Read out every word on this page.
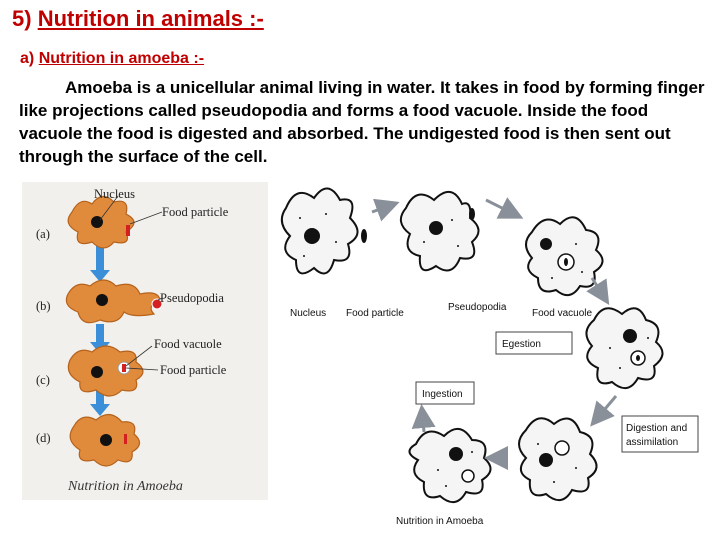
5) Nutrition in animals :-
a) Nutrition in amoeba :-
Amoeba is a unicellular animal living in water. It takes in food by forming finger like projections called pseudopodia and forms a food vacuole. Inside the food vacuole the food is digested and absorbed. The undigested food is then sent out through the surface of the cell.
(a)
(b)
(c)
(d)
Nucleus
Food particle
Pseudopodia
Food vacuole
Food particle
Nutrition in Amoeba
Egestion
Ingestion
Digestion and
assimilation
Nucleus Food particle
Pseudopodia
Food vacuole
Nutrition in Amoeba
